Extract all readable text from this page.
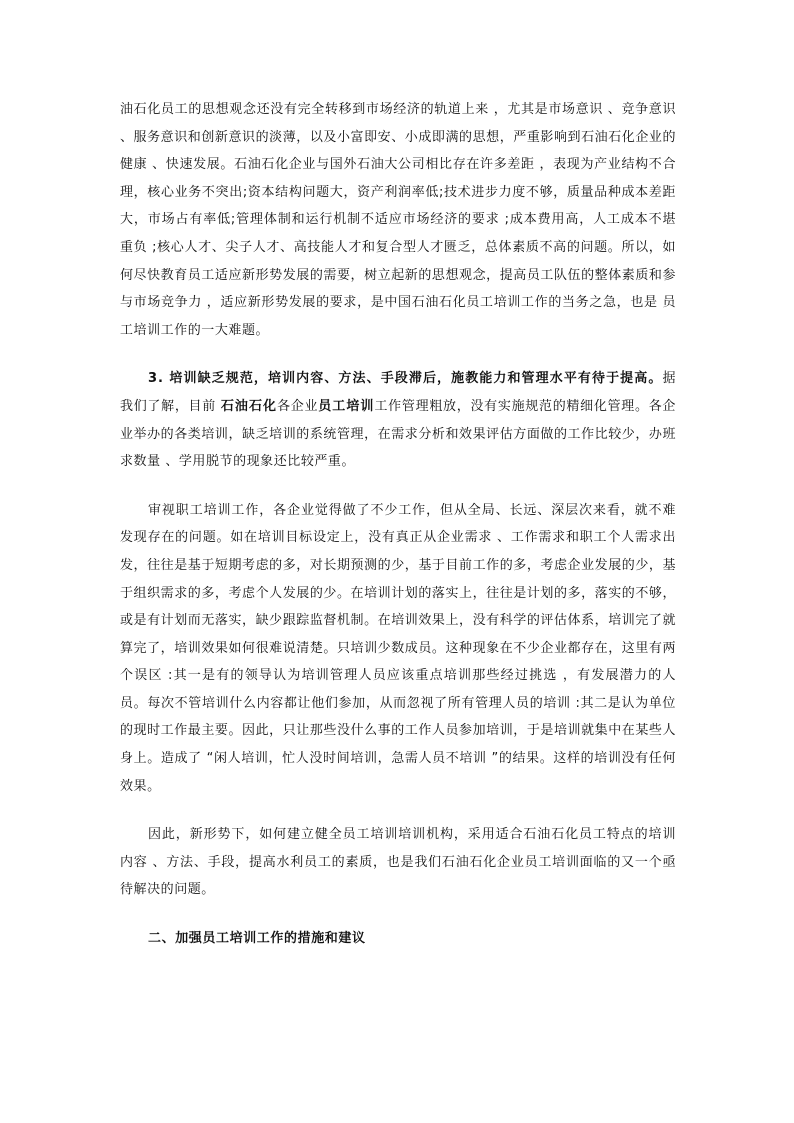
油石化员工的思想观念还没有完全转移到市场经济的轨道上来 ，尤其是市场意识 、竞争意识 、服务意识和创新意识的淡薄，以及小富即安、小成即满的思想，严重影响到石油石化企业的健康 、快速发展。石油石化企业与国外石油大公司相比存在许多差距 ，表现为产业结构不合理，核心业务不突出;资本结构问题大，资产利润率低;技术进步力度不够，质量品种成本差距大，市场占有率低;管理体制和运行机制不适应市场经济的要求 ;成本费用高，人工成本不堪重负 ;核心人才、尖子人才、高技能人才和复合型人才匮乏，总体素质不高的问题。所以，如何尽快教育员工适应新形势发展的需要，树立起新的思想观念，提高员工队伍的整体素质和参与市场竞争力 ，适应新形势发展的要求，是中国石油石化员工培训工作的当务之急，也是 员工培训工作的一大难题。

3. 培训缺乏规范，培训内容、方法、手段滞后，施教能力和管理水平有待于提高。据我们了解，目前 石油石化各企业员工培训工作管理粗放，没有实施规范的精细化管理。各企业举办的各类培训，缺乏培训的系统管理，在需求分析和效果评估方面做的工作比较少，办班求数量 、学用脱节的现象还比较严重。

审视职工培训工作，各企业觉得做了不少工作，但从全局、长远、深层次来看，就不难发现存在的问题。如在培训目标设定上，没有真正从企业需求 、工作需求和职工个人需求出发，往往是基于短期考虑的多，对长期预测的少，基于目前工作的多，考虑企业发展的少，基于组织需求的多，考虑个人发展的少。在培训计划的落实上，往往是计划的多，落实的不够，或是有计划而无落实，缺少跟踪监督机制。在培训效果上，没有科学的评估体系，培训完了就算完了，培训效果如何很难说清楚。只培训少数成员。这种现象在不少企业都存在，这里有两个误区 :其一是有的领导认为培训管理人员应该重点培训那些经过挑选 ，有发展潜力的人员。每次不管培训什么内容都让他们参加，从而忽视了所有管理人员的培训 :其二是认为单位的现时工作最主要。因此，只让那些没什么事的工作人员参加培训，于是培训就集中在某些人身上。造成了 “闲人培训，忙人没时间培训，急需人员不培训 ”的结果。这样的培训没有任何效果。

因此，新形势下，如何建立健全员工培训培训机构，采用适合石油石化员工特点的培训内容 、方法、手段，提高水利员工的素质，也是我们石油石化企业员工培训面临的又一个亟待解决的问题。

二、加强员工培训工作的措施和建议
